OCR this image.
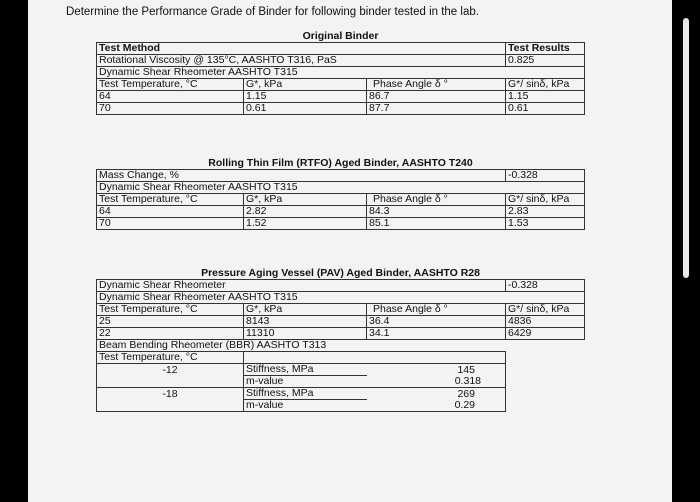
Determine the Performance Grade of Binder for following binder tested in the lab.
Original Binder			
Test Method			Test Results
Rotational Viscosity @ 135°C, AASHTO T316, PaS			0.825
Dynamic Shear Rheometer AASHTO T315			
Test Temperature, °C	G*, kPa	Phase Angle δ °	G*/ sinδ, kPa
64	1.15	86.7	1.15
70	0.61	87.7	0.61
Rolling Thin Film (RTFO) Aged Binder, AASHTO T240			
Mass Change, %			-0.328
Dynamic Shear Rheometer AASHTO T315			
Test Temperature, °C	G*, kPa	Phase Angle δ °	G*/ sinδ, kPa
64	2.82	84.3	2.83
70	1.52	85.1	1.53
Pressure Aging Vessel (PAV) Aged Binder, AASHTO R28			
Dynamic Shear Rheometer			-0.328
Dynamic Shear Rheometer AASHTO T315			
Test Temperature, °C	G*, kPa	Phase Angle δ °	G*/ sinδ, kPa
25	8143	36.4	4836
22	11310	34.1	6429
Beam Bending Rheometer (BBR) AASHTO T313			
Test Temperature, °C			
-12	Stiffness, MPa	145	
	m-value	0.318	
-18	Stiffness, MPa	269	
	m-value	0.29	
